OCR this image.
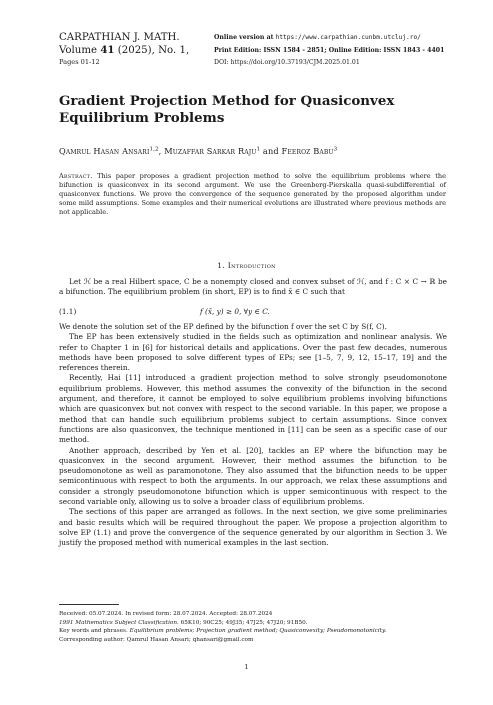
CARPATHIAN J. MATH.
Volume 41 (2025), No. 1,
Pages 01-12
Online version at https://www.carpathian.cunbm.utcluj.ro/
Print Edition: ISSN 1584 - 2851; Online Edition: ISSN 1843 - 4401
DOI: https://doi.org/10.37193/CJM.2025.01.01
Gradient Projection Method for Quasiconvex Equilibrium Problems
Qamrul Hasan Ansari$^{1,2}$, Muzaffar Sarkar Raju$^1$ and Feeroz Babu$^3$
Abstract. This paper proposes a gradient projection method to solve the equilibrium problems where the bifunction is quasiconvex in its second argument. We use the Greenberg-Pierskalla quasi-subdifferential of quasiconvex functions. We prove the convergence of the sequence generated by the proposed algorithm under some mild assumptions. Some examples and their numerical evolutions are illustrated where previous methods are not applicable.
1. Introduction
Let ℋ be a real Hilbert space, C be a nonempty closed and convex subset of ℋ, and f : C × C → ℝ be a bifunction. The equilibrium problem (in short, EP) is to find x̄ ∈ C such that
(1.1)	f (x̄, y) ≥ 0, ∀y ∈ C.

We denote the solution set of the EP defined by the bifunction f over the set C by S(f, C).

The EP has been extensively studied in the fields such as optimization and nonlinear analysis. We refer to Chapter 1 in [6] for historical details and applications. Over the past few decades, numerous methods have been proposed to solve different types of EPs; see [1–5, 7, 9, 12, 15–17, 19] and the references therein.

Recently, Hai [11] introduced a gradient projection method to solve strongly pseudomonotone equilibrium problems. However, this method assumes the convexity of the bifunction in the second argument, and therefore, it cannot be employed to solve equilibrium problems involving bifunctions which are quasiconvex but not convex with respect to the second variable. In this paper, we propose a method that can handle such equilibrium problems subject to certain assumptions. Since convex functions are also quasiconvex, the technique mentioned in [11] can be seen as a specific case of our method.

Another approach, described by Yen et al. [20], tackles an EP where the bifunction may be quasiconvex in the second argument. However, their method assumes the bifunction to be pseudomonotone as well as paramonotone. They also assumed that the bifunction needs to be upper semicontinuous with respect to both the arguments. In our approach, we relax these assumptions and consider a strongly pseudomonotone bifunction which is upper semicontinuous with respect to the second variable only, allowing us to solve a broader class of equilibrium problems.

The sections of this paper are arranged as follows. In the next section, we give some preliminaries and basic results which will be required throughout the paper. We propose a projection algorithm to solve EP (1.1) and prove the convergence of the sequence generated by our algorithm in Section 3. We justify the proposed method with numerical examples in the last section.

Received: 05.07.2024. In revised form: 28.07.2024. Accepted: 28.07.2024
1991 Mathematics Subject Classification. 65K10; 90C25; 49J35; 47J25; 47J20; 91B50.
Key words and phrases. Equilibrium problems; Projection gradient method; Quasiconvexity; Pseudomonotonicity.
Corresponding author: Qamrul Hasan Ansari; qhansari@gmail.com
1
